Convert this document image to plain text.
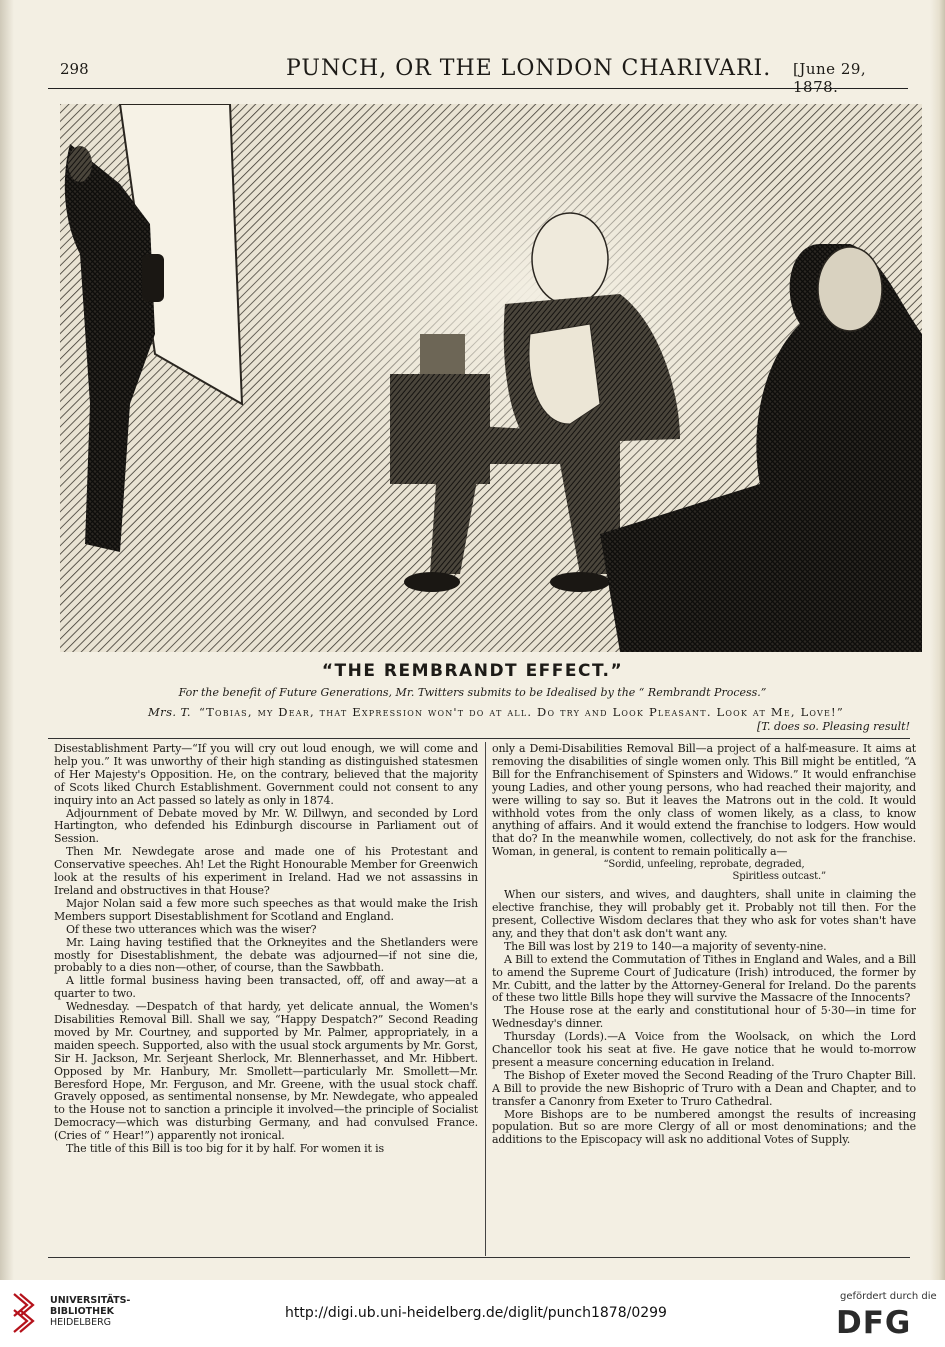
298	PUNCH, OR THE LONDON CHARIVARI. [June 29, 1878.
“THE REMBRANDT EFFECT.”
For the benefit of Future Generations, Mr. Twitters submits to be Idealised by the “ Rembrandt Process.”
Mrs. T. “Tobias, my Dear, that Expression won't do at all. Do try and Look Pleasant. Look at Me, Love!”
[T. does so. Pleasing result!

Disestablishment Party—“If you will cry out loud enough, we will come and help you.” It was unworthy of their high standing as distinguished statesmen of Her Majesty's Opposition. He, on the contrary, believed that the majority of Scots liked Church Establishment. Government could not consent to any inquiry into an Act passed so lately as only in 1874.

Adjournment of Debate moved by Mr. W. Dillwyn, and seconded by Lord Hartington, who defended his Edinburgh discourse in Parliament out of Session.

Then Mr. Newdegate arose and made one of his Protestant and Conservative speeches. Ah! Let the Right Honourable Member for Greenwich look at the results of his experiment in Ireland. Had we not assassins in Ireland and obstructives in that House?

Major Nolan said a few more such speeches as that would make the Irish Members support Disestablishment for Scotland and England.

Of these two utterances which was the wiser?

Mr. Laing having testified that the Orkneyites and the Shetlanders were mostly for Disestablishment, the debate was adjourned—if not sine die, probably to a dies non—other, of course, than the Sawbbath.

A little formal business having been transacted, off, off and away—at a quarter to two.

Wednesday. —Despatch of that hardy, yet delicate annual, the Women's Disabilities Removal Bill. Shall we say, “Happy Despatch?” Second Reading moved by Mr. Courtney, and supported by Mr. Palmer, appropriately, in a maiden speech. Supported, also with the usual stock arguments by Mr. Gorst, Sir H. Jackson, Mr. Serjeant Sherlock, Mr. Blennerhasset, and Mr. Hibbert. Opposed by Mr. Hanbury, Mr. Smollett—particularly Mr. Smollett—Mr. Beresford Hope, Mr. Ferguson, and Mr. Greene, with the usual stock chaff. Gravely opposed, as sentimental nonsense, by Mr. Newdegate, who appealed to the House not to sanction a principle it involved—the principle of Socialist Democracy—which was disturbing Germany, and had convulsed France. (Cries of “ Hear!”) apparently not ironical.

The title of this Bill is too big for it by half. For women it is

only a Demi-Disabilities Removal Bill—a project of a half-measure. It aims at removing the disabilities of single women only. This Bill might be entitled, “A Bill for the Enfranchisement of Spinsters and Widows.” It would enfranchise young Ladies, and other young persons, who had reached their majority, and were willing to say so. But it leaves the Matrons out in the cold. It would withhold votes from the only class of women likely, as a class, to know anything of affairs. And it would extend the franchise to lodgers. How would that do? In the meanwhile women, collectively, do not ask for the franchise. Woman, in general, is content to remain politically a—

“Sordid, unfeeling, reprobate, degraded,

Spiritless outcast.”

When our sisters, and wives, and daughters, shall unite in claiming the elective franchise, they will probably get it. Probably not till then. For the present, Collective Wisdom declares that they who ask for votes shan't have any, and they that don't ask don't want any.

The Bill was lost by 219 to 140—a majority of seventy-nine.

A Bill to extend the Commutation of Tithes in England and Wales, and a Bill to amend the Supreme Court of Judicature (Irish) introduced, the former by Mr. Cubitt, and the latter by the Attorney-General for Ireland. Do the parents of these two little Bills hope they will survive the Massacre of the Innocents?

The House rose at the early and constitutional hour of 5·30—in time for Wednesday's dinner.

Thursday (Lords).—A Voice from the Woolsack, on which the Lord Chancellor took his seat at five. He gave notice that he would to-morrow present a measure concerning education in Ireland.

The Bishop of Exeter moved the Second Reading of the Truro Chapter Bill. A Bill to provide the new Bishopric of Truro with a Dean and Chapter, and to transfer a Canonry from Exeter to Truro Cathedral.

More Bishops are to be numbered amongst the results of increasing population. But so are more Clergy of all or most denominations; and the additions to the Episcopacy will ask no additional Votes of Supply.

UNIVERSITÄTS-
BIBLIOTHEK
HEIDELBERG
http://digi.ub.uni-heidelberg.de/diglit/punch1878/0299
gefördert durch die
DFG
